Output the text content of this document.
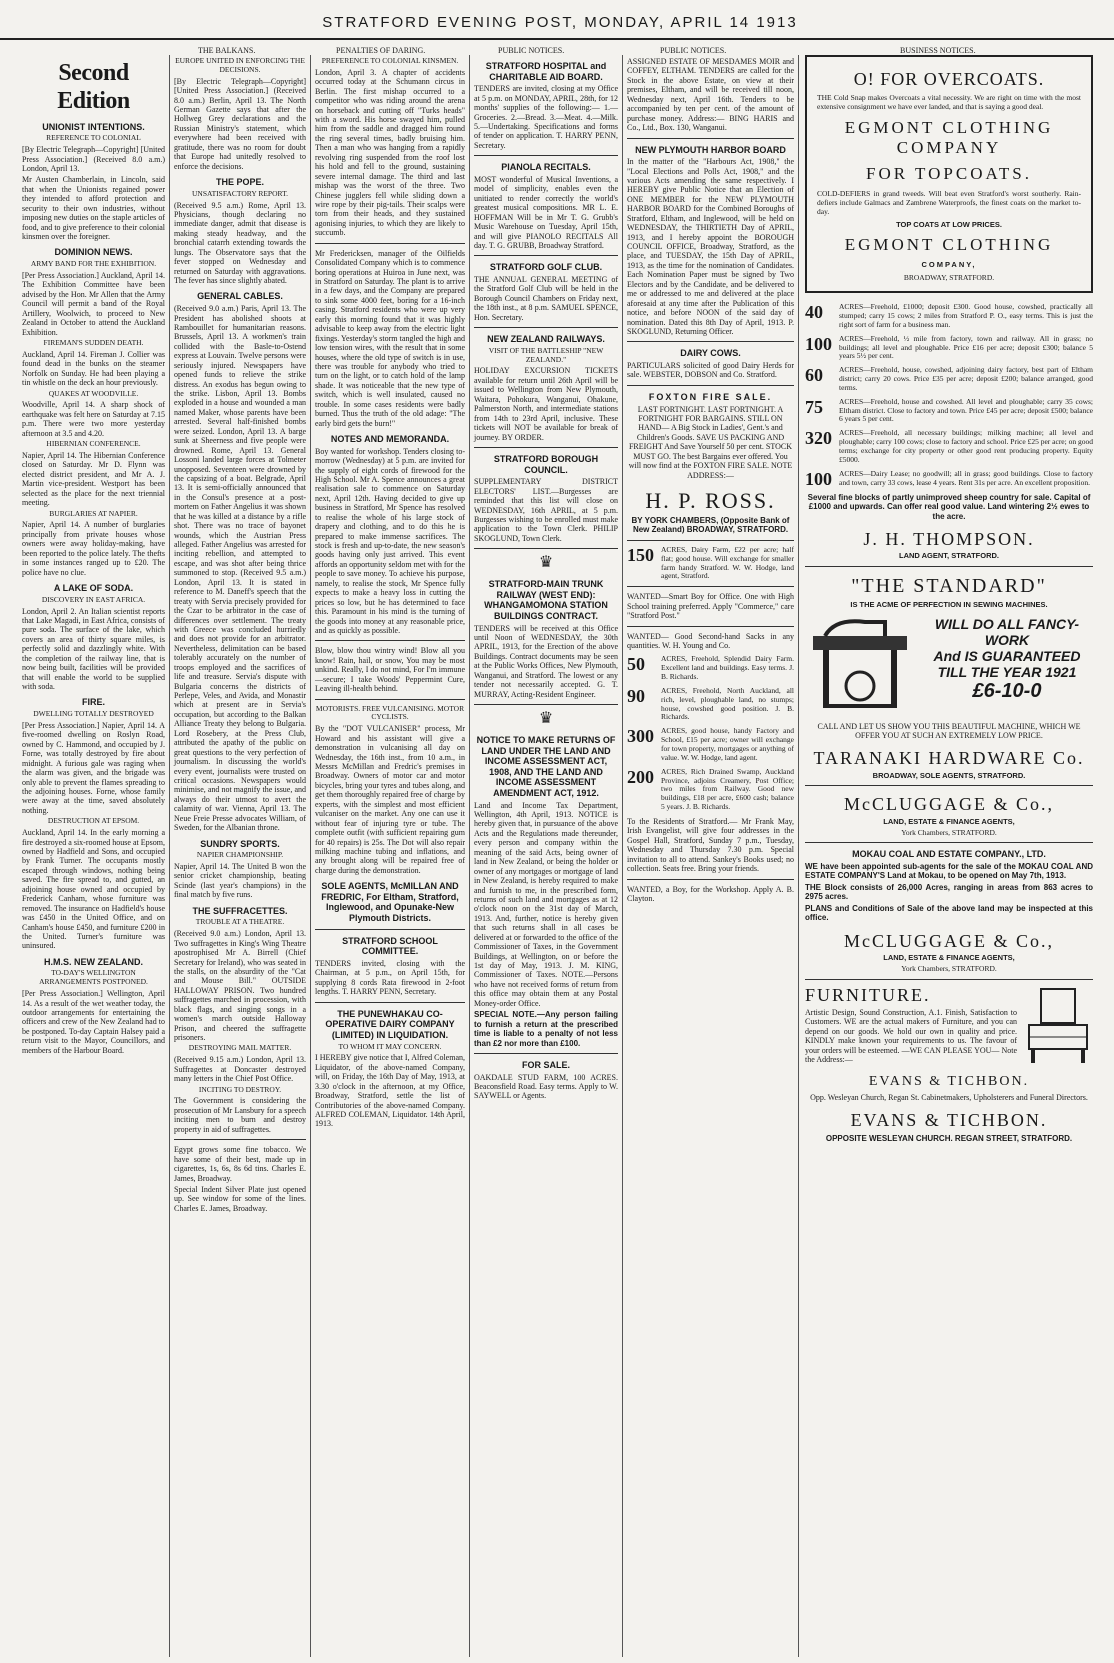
STRATFORD EVENING POST, MONDAY, APRIL 14 1913
THE BALKANS.	PENALTIES OF DARING.	PUBLIC NOTICES.	PUBLIC NOTICES.	BUSINESS NOTICES.
Second Edition
UNIONIST INTENTIONS.
REFERENCE TO COLONIAL

[By Electric Telegraph—Copyright] [United Press Association.] (Received 8.0 a.m.) London, April 13.

Mr Austen Chamberlain, in Lincoln, said that when the Unionists regained power they intended to afford protection and security to their own industries, without imposing new duties on the staple articles of food, and to give preference to their colonial kinsmen over the foreigner.

DOMINION NEWS.
ARMY BAND FOR THE EXHIBITION.

[Per Press Association.] Auckland, April 14. The Exhibition Committee have been advised by the Hon. Mr Allen that the Army Council will permit a band of the Royal Artillery, Woolwich, to proceed to New Zealand in October to attend the Auckland Exhibition.

FIREMAN'S SUDDEN DEATH.

Auckland, April 14. Fireman J. Collier was found dead in the bunks on the steamer Norfolk on Sunday. He had been playing a tin whistle on the deck an hour previously.

QUAKES AT WOODVILLE.

Woodville, April 14. A sharp shock of earthquake was felt here on Saturday at 7.15 p.m. There were two more yesterday afternoon at 3.5 and 4.20.

HIBERNIAN CONFERENCE.

Napier, April 14. The Hibernian Conference closed on Saturday. Mr D. Flynn was elected district president, and Mr A. J. Martin vice-president. Westport has been selected as the place for the next triennial meeting.

BURGLARIES AT NAPIER.

Napier, April 14. A number of burglaries principally from private houses whose owners were away holiday-making, have been reported to the police lately. The thefts in some instances ranged up to £20. The police have no clue.

A LAKE OF SODA.
DISCOVERY IN EAST AFRICA.

London, April 2. An Italian scientist reports that Lake Magadi, in East Africa, consists of pure soda. The surface of the lake, which covers an area of thirty square miles, is perfectly solid and dazzlingly white. With the completion of the railway line, that is now being built, facilities will be provided that will enable the world to be supplied with soda.

FIRE.
DWELLING TOTALLY DESTROYED

[Per Press Association.] Napier, April 14. A five-roomed dwelling on Roslyn Road, owned by C. Hammond, and occupied by J. Forne, was totally destroyed by fire about midnight. A furious gale was raging when the alarm was given, and the brigade was only able to prevent the flames spreading to the adjoining houses. Forne, whose family were away at the time, saved absolutely nothing.

DESTRUCTION AT EPSOM.

Auckland, April 14. In the early morning a fire destroyed a six-roomed house at Epsom, owned by Hadfield and Sons, and occupied by Frank Turner. The occupants mostly escaped through windows, nothing being saved. The fire spread to, and gutted, an adjoining house owned and occupied by Frederick Canham, whose furniture was removed. The insurance on Hadfield's house was £450 in the United Office, and on Canham's house £450, and furniture £200 in the United. Turner's furniture was uninsured.

H.M.S. NEW ZEALAND.
TO-DAY'S WELLINGTON ARRANGEMENTS POSTPONED.

[Per Press Association.] Wellington, April 14. As a result of the wet weather today, the outdoor arrangements for entertaining the officers and crew of the New Zealand had to be postponed. To-day Captain Halsey paid a return visit to the Mayor, Councillors, and members of the Harbour Board.

EUROPE UNITED IN ENFORCING THE DECISIONS.

[By Electric Telegraph—Copyright] [United Press Association.] (Received 8.0 a.m.) Berlin, April 13. The North German Gazette says that after the Hollweg Grey declarations and the Russian Ministry's statement, which everywhere had been received with gratitude, there was no room for doubt that Europe had unitedly resolved to enforce the decisions.

THE POPE.
UNSATISFACTORY REPORT.

(Received 9.5 a.m.) Rome, April 13. Physicians, though declaring no immediate danger, admit that disease is making steady headway, and the bronchial catarrh extending towards the lungs. The Observatore says that the fever stopped on Wednesday and returned on Saturday with aggravations. The fever has since slightly abated.

GENERAL CABLES.

(Received 9.0 a.m.) Paris, April 13. The President has abolished shoots at Rambouillet for humanitarian reasons. Brussels, April 13. A workmen's train collided with the Basle-to-Ostend express at Louvain. Twelve persons were seriously injured. Newspapers have opened funds to relieve the strike distress. An exodus has begun owing to the strike. Lisbon, April 13. Bombs exploded in a house and wounded a man named Maker, whose parents have been arrested. Several half-finished bombs were seized. London, April 13. A barge sunk at Sheerness and five people were drowned. Rome, April 13. General Lossoni landed large forces at Tolmeter unopposed. Seventeen were drowned by the capsizing of a boat. Belgrade, April 13. It is semi-officially announced that in the Consul's presence at a post-mortem on Father Angelius it was shown that he was killed at a distance by a rifle shot. There was no trace of bayonet wounds, which the Austrian Press alleged. Father Angelius was arrested for inciting rebellion, and attempted to escape, and was shot after being thrice summoned to stop. (Received 9.5 a.m.) London, April 13. It is stated in reference to M. Daneff's speech that the treaty with Servia precisely provided for the Czar to be arbitrator in the case of differences over settlement. The treaty with Greece was concluded hurriedly and does not provide for an arbitrator. Nevertheless, delimitation can be based tolerably accurately on the number of troops employed and the sacrifices of life and treasure. Servia's dispute with Bulgaria concerns the districts of Perlepe, Veles, and Avida, and Monastir which at present are in Servia's occupation, but according to the Balkan Alliance Treaty they belong to Bulgaria. Lord Rosebery, at the Press Club, attributed the apathy of the public on great questions to the very perfection of journalism. In discussing the world's every event, journalists were trusted on critical occasions. Newspapers would minimise, and not magnify the issue, and always do their utmost to avert the calamity of war. Vienna, April 13. The Neue Freie Presse advocates William, of Sweden, for the Albanian throne.

SUNDRY SPORTS.
NAPIER CHAMPIONSHIP.

Napier, April 14. The United B won the senior cricket championship, beating Scinde (last year's champions) in the final match by five runs.

THE SUFFRACETTES.
TROUBLE AT A THEATRE.

(Received 9.0 a.m.) London, April 13. Two suffragettes in King's Wing Theatre apostrophised Mr A. Birrell (Chief Secretary for Ireland), who was seated in the stalls, on the absurdity of the "Cat and Mouse Bill." OUTSIDE HALLOWAY PRISON. Two hundred suffragettes marched in procession, with black flags, and singing songs in a women's march outside Halloway Prison, and cheered the suffragette prisoners.

DESTROYING MAIL MATTER.

(Received 9.15 a.m.) London, April 13. Suffragettes at Doncaster destroyed many letters in the Chief Post Office.

INCITING TO DESTROY.

The Government is considering the prosecution of Mr Lansbury for a speech inciting men to burn and destroy property in aid of suffragettes.

Egypt grows some fine tobacco. We have some of their best, made up in cigarettes, 1s, 6s, 8s 6d tins. Charles E. James, Broadway.

Special Indent Silver Plate just opened up. See window for some of the lines. Charles E. James, Broadway.

PREFERENCE TO COLONIAL KINSMEN.

London, April 3. A chapter of accidents occurred today at the Schumann circus in Berlin. The first mishap occurred to a competitor who was riding around the arena on horseback and cutting off "Turks heads" with a sword. His horse swayed him, pulled him from the saddle and dragged him round the ring several times, badly bruising him. Then a man who was hanging from a rapidly revolving ring suspended from the roof lost his hold and fell to the ground, sustaining severe internal damage. The third and last mishap was the worst of the three. Two Chinese jugglers fell while sliding down a wire rope by their pig-tails. Their scalps were torn from their heads, and they sustained agonising injuries, to which they are likely to succumb.

Mr Fredericksen, manager of the Oilfields Consolidated Company which is to commence boring operations at Huiroa in June next, was in Stratford on Saturday. The plant is to arrive in a few days, and the Company are prepared to sink some 4000 feet, boring for a 16-inch casing. Stratford residents who were up very early this morning found that it was highly advisable to keep away from the electric light fixings. Yesterday's storm tangled the high and low tension wires, with the result that in some houses, where the old type of switch is in use, there was trouble for anybody who tried to turn on the light, or to catch hold of the lamp shade. It was noticeable that the new type of switch, which is well insulated, caused no trouble. In some cases residents were badly burned. Thus the truth of the old adage: "The early bird gets the burn!"

NOTES AND MEMORANDA.

Boy wanted for workshop. Tenders closing to-morrow (Wednesday) at 5 p.m. are invited for the supply of eight cords of firewood for the High School. Mr A. Spence announces a great realisation sale to commence on Saturday next, April 12th. Having decided to give up business in Stratford, Mr Spence has resolved to realise the whole of his large stock of drapery and clothing, and to do this he is prepared to make immense sacrifices. The stock is fresh and up-to-date, the new season's goods having only just arrived. This event affords an opportunity seldom met with for the people to save money. To achieve his purpose, namely, to realise the stock, Mr Spence fully expects to make a heavy loss in cutting the prices so low, but he has determined to face this. Paramount in his mind is the turning of the goods into money at any reasonable price, and as quickly as possible.

Blow, blow thou wintry wind! Blow all you know! Rain, hail, or snow, You may be most unkind. Really, I do not mind, For I'm immune—secure; I take Woods' Peppermint Cure, Leaving ill-health behind.

MOTORISTS. FREE VULCANISING. MOTOR CYCLISTS.

By the "DOT VULCANISER" process, Mr Howard and his assistant will give a demonstration in vulcanising all day on Wednesday, the 16th inst., from 10 a.m., in Messrs McMillan and Fredric's premises in Broadway. Owners of motor car and motor bicycles, bring your tyres and tubes along, and get them thoroughly repaired free of charge by experts, with the simplest and most efficient vulcaniser on the market. Any one can use it without fear of injuring tyre or tube. The complete outfit (with sufficient repairing gum for 40 repairs) is 25s. The Dot will also repair milking machine tubing and inflations, and any brought along will be repaired free of charge during the demonstration.

SOLE AGENTS, McMILLAN AND FREDRIC, For Eltham, Stratford, Inglewood, and Opunake-New Plymouth Districts.
STRATFORD SCHOOL COMMITTEE.

TENDERS invited, closing with the Chairman, at 5 p.m., on April 15th, for supplying 8 cords Rata firewood in 2-foot lengths. T. HARRY PENN, Secretary.

THE PUNEWHAKAU CO-OPERATIVE DAIRY COMPANY (LIMITED) IN LIQUIDATION.
TO WHOM IT MAY CONCERN.

I HEREBY give notice that I, Alfred Coleman, Liquidator, of the above-named Company, will, on Friday, the 16th Day of May, 1913, at 3.30 o'clock in the afternoon, at my Office, Broadway, Stratford, settle the list of Contributories of the above-named Company. ALFRED COLEMAN, Liquidator. 14th April, 1913.

STRATFORD HOSPITAL and CHARITABLE AID BOARD.

TENDERS are invited, closing at my Office at 5 p.m. on MONDAY, APRIL, 28th, for 12 months' supplies of the following:— 1.—Groceries. 2.—Bread. 3.—Meat. 4.—Milk. 5.—Undertaking. Specifications and forms of tender on application. T. HARRY PENN, Secretary.

PIANOLA RECITALS.

MOST wonderful of Musical Inventions, a model of simplicity, enables even the unitiated to render correctly the world's greatest musical compositions. MR L. E. HOFFMAN Will be in Mr T. G. Grubb's Music Warehouse on Tuesday, April 15th, and will give PIANOLO RECITALS All day. T. G. GRUBB, Broadway Stratford.

STRATFORD GOLF CLUB.

THE ANNUAL GENERAL MEETING of the Stratford Golf Club will be held in the Borough Council Chambers on Friday next, the 18th inst., at 8 p.m. SAMUEL SPENCE, Hon. Secretary.

NEW ZEALAND RAILWAYS.
VISIT OF THE BATTLESHIP "NEW ZEALAND."

HOLIDAY EXCURSION TICKETS available for return until 26th April will be issued to Wellington from New Plymouth, Waitara, Pohokura, Wanganui, Ohakune, Palmerston North, and intermediate stations from 14th to 23rd April, inclusive. These tickets will NOT be available for break of journey. BY ORDER.

STRATFORD BOROUGH COUNCIL.

SUPPLEMENTARY DISTRICT ELECTORS' LIST.—Burgesses are reminded that this list will close on WEDNESDAY, 16th APRIL, at 5 p.m. Burgesses wishing to be enrolled must make application to the Town Clerk. PHILIP SKOGLUND, Town Clerk.

♛
STRATFORD-MAIN TRUNK RAILWAY (WEST END): WHANGAMOMONA STATION BUILDINGS CONTRACT.

TENDERS will be received at this Office until Noon of WEDNESDAY, the 30th APRIL, 1913, for the Erection of the above Buildings. Contract documents may be seen at the Public Works Offices, New Plymouth, Wanganui, and Stratford. The lowest or any tender not necessarily accepted. G. T. MURRAY, Acting-Resident Engineer.

♛
NOTICE TO MAKE RETURNS OF LAND UNDER THE LAND AND INCOME ASSESSMENT ACT, 1908, AND THE LAND AND INCOME ASSESSMENT AMENDMENT ACT, 1912.

Land and Income Tax Department, Wellington, 4th April, 1913. NOTICE is hereby given that, in pursuance of the above Acts and the Regulations made thereunder, every person and company within the meaning of the said Acts, being owner of land in New Zealand, or being the holder or owner of any mortgages or mortgage of land in New Zealand, is hereby required to make and furnish to me, in the prescribed form, returns of such land and mortgages as at 12 o'clock noon on the 31st day of March, 1913. And, further, notice is hereby given that such returns shall in all cases be delivered at or forwarded to the office of the Commissioner of Taxes, in the Government Buildings, at Wellington, on or before the 1st day of May, 1913. J. M. KING, Commissioner of Taxes. NOTE.—Persons who have not received forms of return from this office may obtain them at any Postal Money-order Office.

SPECIAL NOTE.—Any person failing to furnish a return at the prescribed time is liable to a penalty of not less than £2 nor more than £100.

FOR SALE.

OAKDALE STUD FARM, 100 ACRES. Beaconsfield Road. Easy terms. Apply to W. SAYWELL or Agents.

ASSIGNED ESTATE OF MESDAMES MOIR and COFFEY, ELTHAM. TENDERS are called for the Stock in the above Estate, on view at their premises, Eltham, and will be received till noon, Wednesday next, April 16th. Tenders to be accompanied by ten per cent. of the amount of purchase money. Address:— BING HARIS and Co., Ltd., Box. 130, Wanganui.

NEW PLYMOUTH HARBOR BOARD

In the matter of the "Harbours Act, 1908," the "Local Elections and Polls Act, 1908," and the various Acts amending the same respectively. I HEREBY give Public Notice that an Election of ONE MEMBER for the NEW PLYMOUTH HARBOR BOARD for the Combined Boroughs of Stratford, Eltham, and Inglewood, will be held on WEDNESDAY, the THIRTIETH Day of APRIL, 1913, and I hereby appoint the BOROUGH COUNCIL OFFICE, Broadway, Stratford, as the place, and TUESDAY, the 15th Day of APRIL, 1913, as the time for the nomination of Candidates. Each Nomination Paper must be signed by Two Electors and by the Candidate, and be delivered to me or addressed to me and delivered at the place aforesaid at any time after the Publication of this notice, and before NOON of the said day of nomination. Dated this 8th Day of April, 1913. P. SKOGLUND, Returning Officer.

DAIRY COWS.

PARTICULARS solicited of good Dairy Herds for sale. WEBSTER, DOBSON and Co. Stratford.

FOXTON FIRE SALE.

LAST FORTNIGHT. LAST FORTNIGHT. A FORTNIGHT FOR BARGAINS. STILL ON HAND— A Big Stock in Ladies', Gent.'s and Children's Goods. SAVE US PACKING AND FREIGHT And Save Yourself 50 per cent. STOCK MUST GO. The best Bargains ever offered. You will now find at the FOXTON FIRE SALE. NOTE ADDRESS:—

H. P. ROSS.

BY YORK CHAMBERS, (Opposite Bank of New Zealand) BROADWAY, STRATFORD.

150 ACRES, Dairy Farm, £22 per acre; half flat; good house. Will exchange for smaller farm handy Stratford. W. W. Hodge, land agent, Stratford.

WANTED—Smart Boy for Office. One with High School training preferred. Apply "Commerce," care "Stratford Post."

WANTED— Good Second-hand Sacks in any quantities. W. H. Young and Co.

50	ACRES, Freehold, Splendid Dairy Farm. Excellent land and buildings. Easy terms. J. B. Richards.
90	ACRES, Freehold, North Auckland, all rich, level, ploughable land, no stumps; house, cowshed good position. J. B. Richards.
300 ACRES, good house, handy Factory and School, £15 per acre; owner will exchange for town property, mortgages or anything of value. W. W. Hodge, land agent.
200 ACRES, Rich Drained Swamp, Auckland Province, adjoins Creamery, Post Office; two miles from Railway. Good new buildings, £18 per acre, £600 cash; balance 5 years. J. B. Richards.

To the Residents of Stratford.— Mr Frank May, Irish Evangelist, will give four addresses in the Gospel Hall, Stratford, Sunday 7 p.m., Tuesday, Wednesday and Thursday 7.30 p.m. Special invitation to all to attend. Sankey's Books used; no collection. Seats free. Bring your friends.

WANTED, a Boy, for the Workshop. Apply A. B. Clayton.

O! FOR OVERCOATS.
THE Cold Snap makes Overcoats a vital necessity. We are right on time with the most extensive consignment we have ever landed, and that is saying a good deal.
EGMONT CLOTHING COMPANY
FOR TOPCOATS.
COLD-DEFIERS in grand tweeds. Will beat even Stratford's worst southerly. Rain-defiers include Galmacs and Zambrene Waterproofs, the finest coats on the market to-day.
TOP COATS AT LOW PRICES.
EGMONT CLOTHING
COMPANY,
BROADWAY, STRATFORD.
40	ACRES—Freehold, £1000; deposit £300. Good house, cowshed, practically all stumped; carry 15 cows; 2 miles from Stratford P. O., easy terms. This is just the right sort of farm for a business man.
100 ACRES—Freehold, ½ mile from factory, town and railway. All in grass; no buildings; all level and ploughable. Price £16 per acre; deposit £300; balance 5 years 5½ per cent.
60	ACRES—Freehold, house, cowshed, adjoining dairy factory, best part of Eltham district; carry 20 cows. Price £35 per acre; deposit £200; balance arranged, good terms.
75	ACRES—Freehold, house and cowshed. All level and ploughable; carry 35 cows; Eltham district. Close to factory and town. Price £45 per acre; deposit £500; balance 6 years 5 per cent.
320 ACRES—Freehold, all necessary buildings; milking machine; all level and ploughable; carry 100 cows; close to factory and school. Price £25 per acre; on good terms; exchange for city property or other good rent producing property. Equity £5000.
100 ACRES—Dairy Lease; no goodwill; all in grass; good buildings. Close to factory and town, carry 33 cows, lease 4 years. Rent 31s per acre. An excellent proposition.

Several fine blocks of partly unimproved sheep country for sale. Capital of £1000 and upwards. Can offer real good value. Land wintering 2½ ewes to the acre.

J. H. THOMPSON.
LAND AGENT, STRATFORD.
"THE STANDARD"
IS THE ACME OF PERFECTION IN SEWING MACHINES.
WILL DO ALL FANCY-WORK
And IS GUARANTEED TILL THE YEAR 1921
£6-10-0

CALL AND LET US SHOW YOU THIS BEAUTIFUL MACHINE, WHICH WE OFFER YOU AT SUCH AN EXTREMELY LOW PRICE.

TARANAKI HARDWARE Co.
BROADWAY, SOLE AGENTS, STRATFORD.
McCLUGGAGE & Co.,
LAND, ESTATE & FINANCE AGENTS,
York Chambers, STRATFORD.
MOKAU COAL AND ESTATE COMPANY., LTD.

WE have been appointed sub-agents for the sale of the MOKAU COAL AND ESTATE COMPANY'S Land at Mokau, to be opened on May 7th, 1913.

THE Block consists of 26,000 Acres, ranging in areas from 863 acres to 2975 acres.

PLANS and Conditions of Sale of the above land may be inspected at this office.

McCLUGGAGE & Co.,
LAND, ESTATE & FINANCE AGENTS,
York Chambers, STRATFORD.
FURNITURE.

Artistic Design, Sound Construction, A.1. Finish, Satisfaction to Customers. WE are the actual makers of Furniture, and you can depend on our goods. We hold our own in quality and price. KINDLY make known your requirements to us. The favour of your orders will be esteemed. —WE CAN PLEASE YOU— Note the Address:—

EVANS & TICHBON.

Opp. Wesleyan Church, Regan St. Cabinetmakers, Upholsterers and Funeral Directors.

EVANS & TICHBON.

OPPOSITE WESLEYAN CHURCH. REGAN STREET, STRATFORD.
